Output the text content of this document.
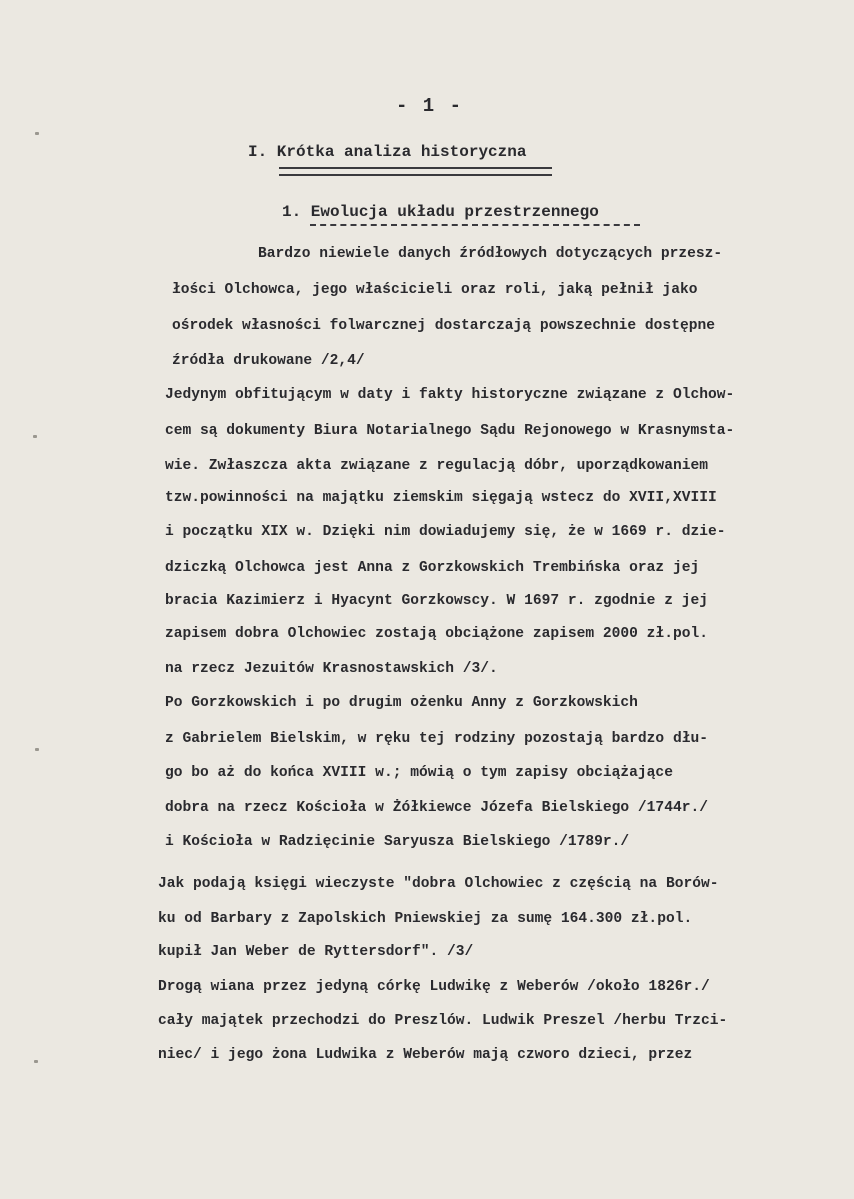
- 1 -
I. Krótka analiza historyczna
1. Ewolucja układu przestrzennego
Bardzo niewiele danych źródłowych dotyczących przesz-
łości Olchowca, jego właścicieli oraz roli, jaką pełnił jako
ośrodek własności folwarcznej dostarczają powszechnie dostępne
źródła drukowane /2,4/
Jedynym obfitującym w daty i fakty historyczne związane z Olchow-
cem są dokumenty Biura Notarialnego Sądu Rejonowego w Krasnymsta-
wie. Zwłaszcza akta związane z regulacją dóbr, uporządkowaniem
tzw.powinności na majątku ziemskim sięgają wstecz do XVII,XVIII
i początku XIX w. Dzięki nim dowiadujemy się, że w 1669 r. dzie-
dziczką Olchowca jest Anna z Gorzkowskich Trembińska oraz jej
bracia Kazimierz i Hyacynt Gorzkowscy. W 1697 r. zgodnie z jej
zapisem dobra Olchowiec zostają obciążone zapisem 2000 zł.pol.
na rzecz Jezuitów Krasnostawskich /3/.
Po Gorzkowskich i po drugim ożenku Anny z Gorzkowskich
z Gabrielem Bielskim, w ręku tej rodziny pozostają bardzo dłu-
go bo aż do końca XVIII w.; mówią o tym zapisy obciążające
dobra na rzecz Kościoła w Żółkiewce Józefa Bielskiego /1744r./
i Kościoła w Radzięcinie Saryusza Bielskiego /1789r./
Jak podają księgi wieczyste "dobra Olchowiec z częścią na Borów-
ku od Barbary z Zapolskich Pniewskiej za sumę 164.300 zł.pol.
kupił Jan Weber de Ryttersdorf". /3/
Drogą wiana przez jedyną córkę Ludwikę z Weberów /około 1826r./
cały majątek przechodzi do Preszlów. Ludwik Preszel /herbu Trzci-
niec/ i jego żona Ludwika z Weberów mają czworo dzieci, przez
